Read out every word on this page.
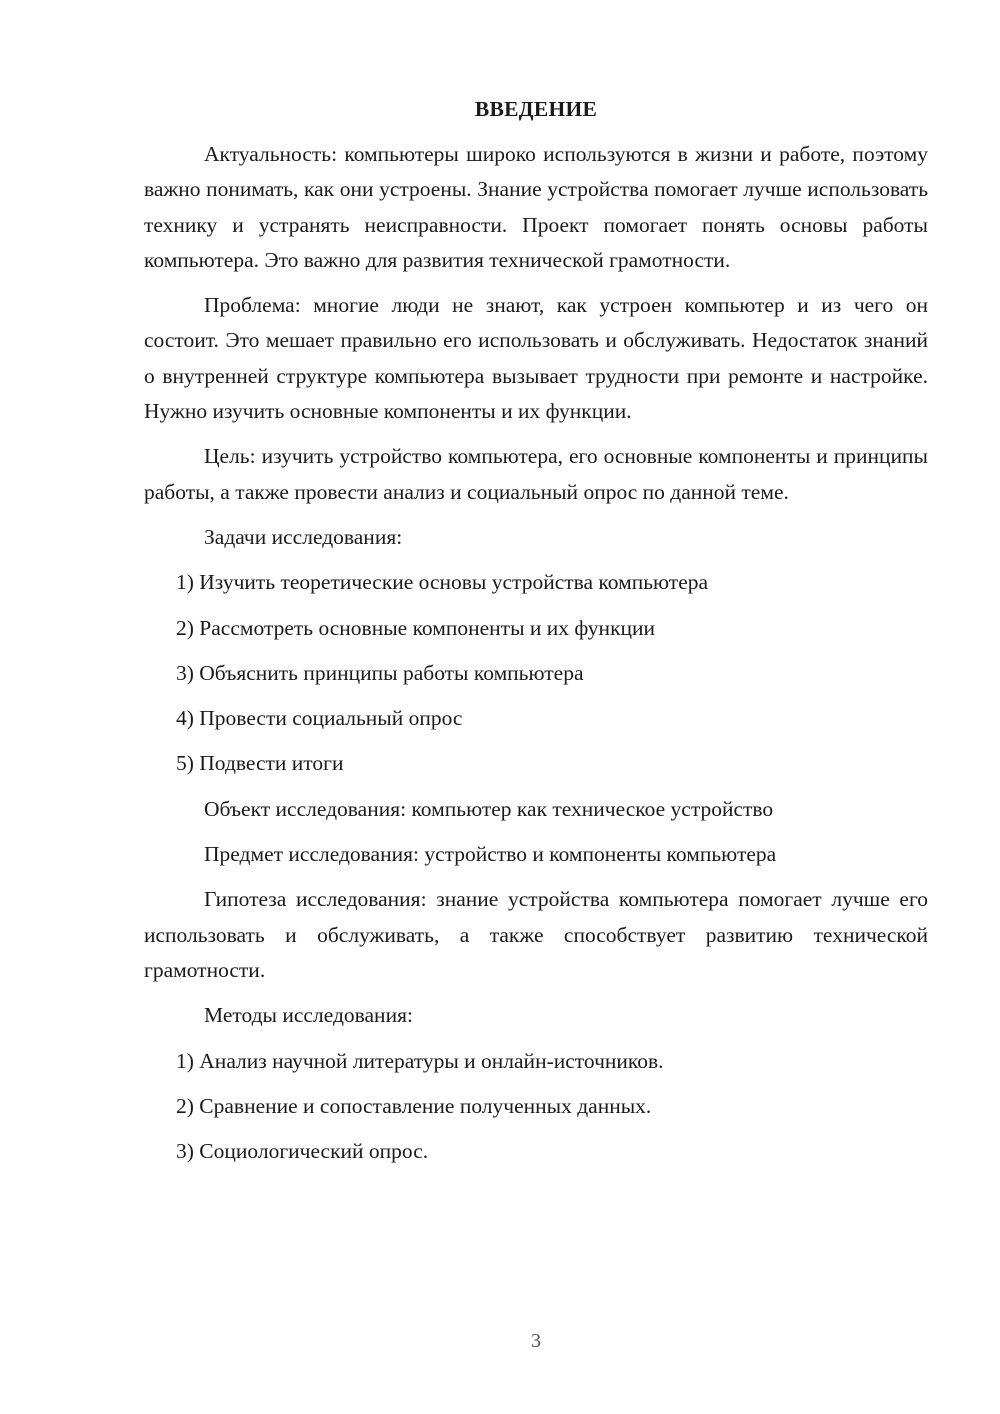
ВВЕДЕНИЕ

Актуальность: компьютеры широко используются в жизни и работе, поэтому важно понимать, как они устроены. Знание устройства помогает лучше использовать технику и устранять неисправности. Проект помогает понять основы работы компьютера. Это важно для развития технической грамотности.

Проблема: многие люди не знают, как устроен компьютер и из чего он состоит. Это мешает правильно его использовать и обслуживать. Недостаток знаний о внутренней структуре компьютера вызывает трудности при ремонте и настройке. Нужно изучить основные компоненты и их функции.

Цель: изучить устройство компьютера, его основные компоненты и принципы работы, а также провести анализ и социальный опрос по данной теме.

Задачи исследования:

1) Изучить теоретические основы устройства компьютера

2) Рассмотреть основные компоненты и их функции

3) Объяснить принципы работы компьютера

4) Провести социальный опрос

5) Подвести итоги

Объект исследования: компьютер как техническое устройство

Предмет исследования: устройство и компоненты компьютера

Гипотеза исследования: знание устройства компьютера помогает лучше его использовать и обслуживать, а также способствует развитию технической грамотности.

Методы исследования:

1) Анализ научной литературы и онлайн-источников.

2) Сравнение и сопоставление полученных данных.

3) Социологический опрос.

3
